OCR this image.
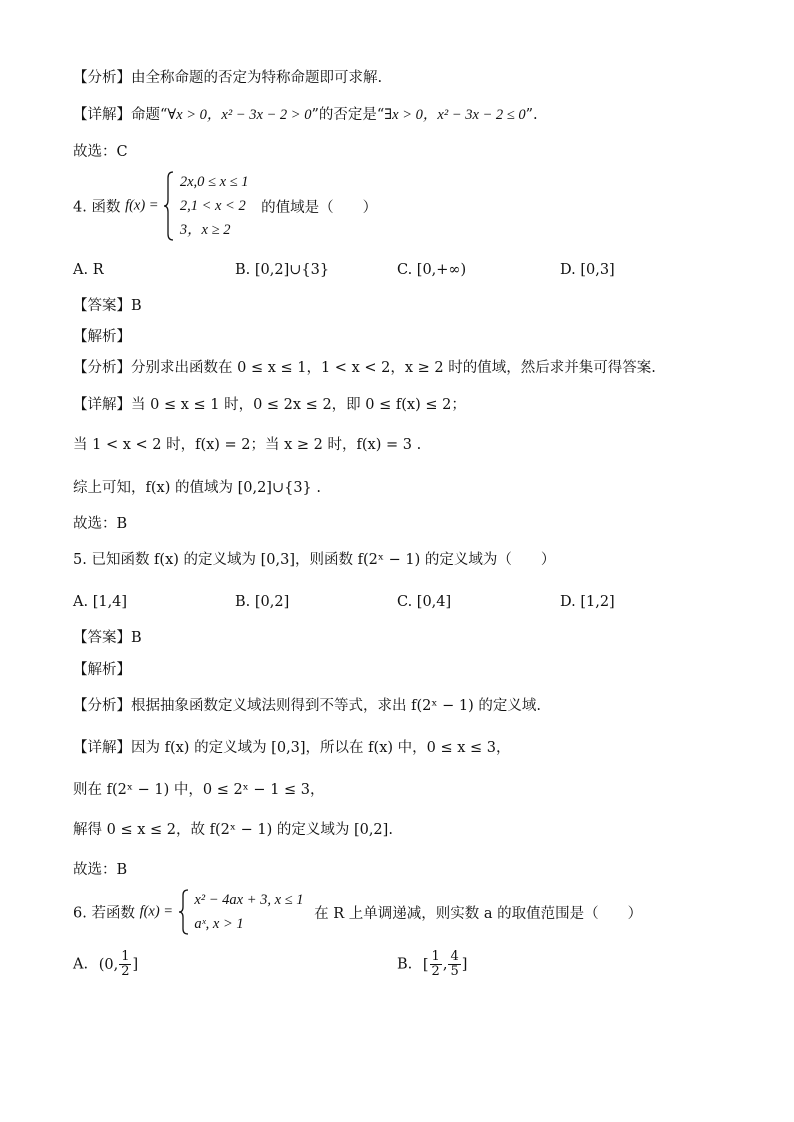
【分析】由全称命题的否定为特称命题即可求解.
【详解】命题“∀x > 0，x² − 3x − 2 > 0”的否定是“∃x > 0，x² − 3x − 2 ≤ 0”.
故选：C
4. 函数 f(x) =
2x,0 ≤ x ≤ 1
2,1 < x < 2
3，x ≥ 2
的值域是（　　）
A. R	B. [0,2]∪{3}	C. [0,+∞)	D. [0,3]
【答案】B
【解析】
【分析】分别求出函数在 0 ≤ x ≤ 1，1 < x < 2，x ≥ 2 时的值域，然后求并集可得答案.
【详解】当 0 ≤ x ≤ 1 时，0 ≤ 2x ≤ 2，即 0 ≤ f(x) ≤ 2；
当 1 < x < 2 时，f(x) = 2；当 x ≥ 2 时，f(x) = 3 .
综上可知，f(x) 的值域为 [0,2]∪{3} .
故选：B
5. 已知函数 f(x) 的定义域为 [0,3]，则函数 f(2ˣ − 1) 的定义域为（　　）
A. [1,4]	B. [0,2]	C. [0,4]	D. [1,2]
【答案】B
【解析】
【分析】根据抽象函数定义域法则得到不等式，求出 f(2ˣ − 1) 的定义域.
【详解】因为 f(x) 的定义域为 [0,3]，所以在 f(x) 中，0 ≤ x ≤ 3，
则在 f(2ˣ − 1) 中，0 ≤ 2ˣ − 1 ≤ 3，
解得 0 ≤ x ≤ 2，故 f(2ˣ − 1) 的定义域为 [0,2].
故选：B
6. 若函数 f(x) =
x² − 4ax + 3, x ≤ 1
aˣ, x > 1
在 R 上单调递减，则实数 a 的取值范围是（　　）
A. (0, $\frac{1}{2}$ ]	B. [ $\frac{1}{2}$ , $\frac{4}{5}$ ]
